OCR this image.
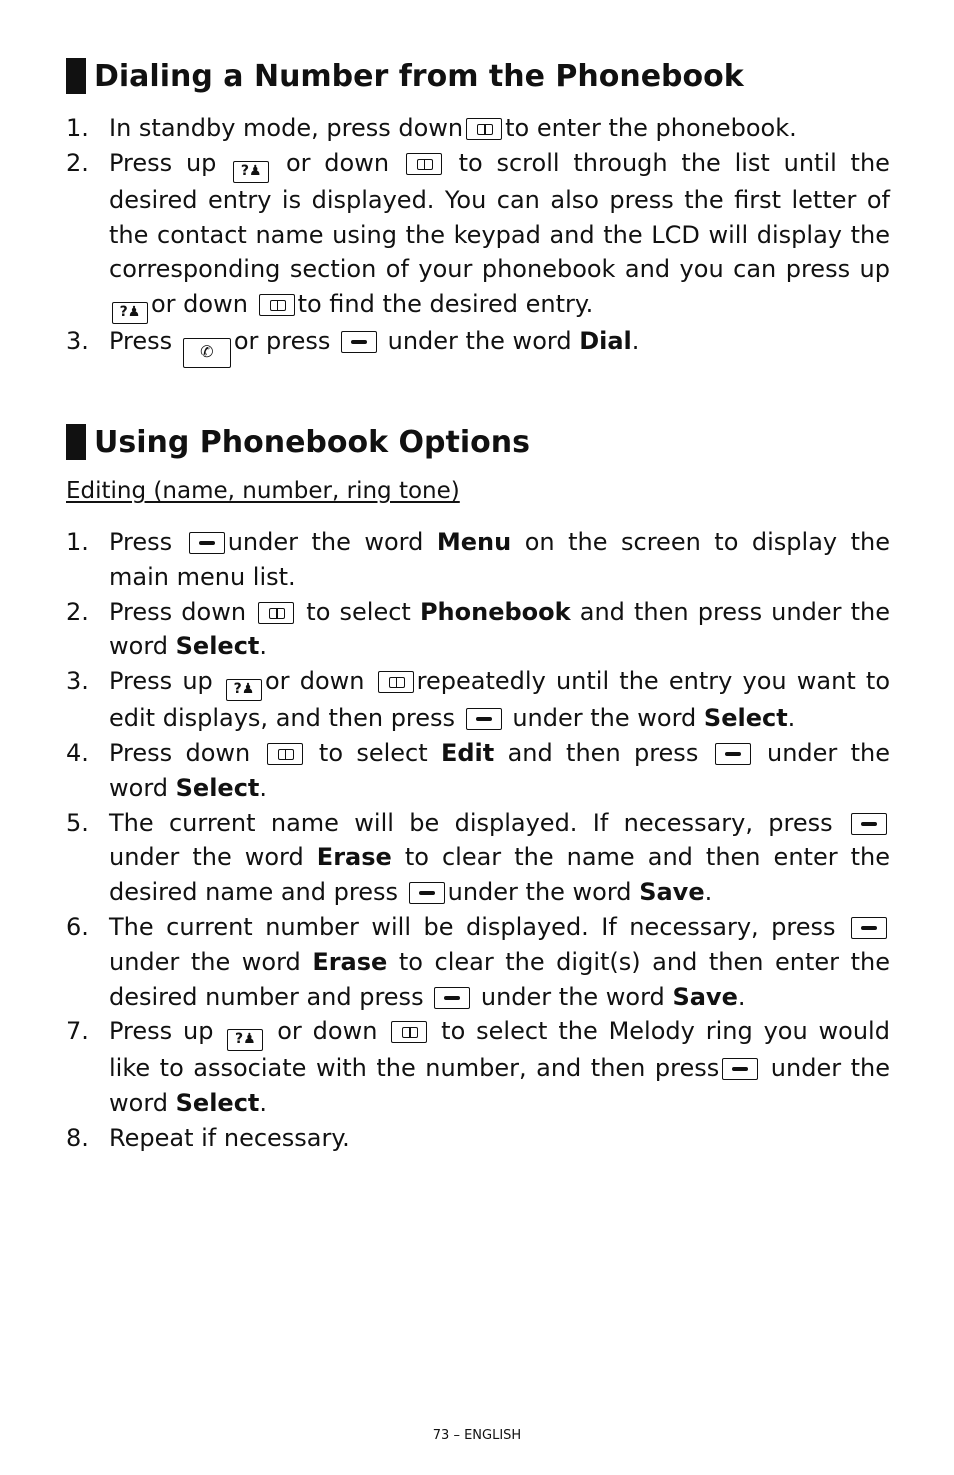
Dialing a Number from the Phonebook
1. In standby mode, press down to enter the phonebook.
2. Press up ?♟ or down	to scroll through the list until the desired entry is displayed. You can also press the first letter of the contact name using the keypad and the LCD will display the corresponding section of your phonebook and you can press up ?♟ or down to find the desired entry.
3. Press ✆ or press under the word Dial.
Using Phonebook Options
Editing (name, number, ring tone)
1. Press under the word Menu on the screen to display the main menu list.
2. Press down	to select Phonebook and then press under the word Select.
3. Press up ?♟ or down repeatedly until the entry you want to edit displays, and then press under the word Select.
4. Press down	to select Edit and then press	under the word Select.
5. The current name will be displayed. If necessary, press  under the word Erase to clear the name and then enter the desired name and press under the word Save.
6. The current number will be displayed. If necessary, press under the word Erase to clear the digit(s) and then enter the desired number and press under the word Save.
7. Press up ?♟ or down	to select the Melody ring you would like to associate with the number, and then press under the word Select.
8. Repeat if necessary.
73 – ENGLISH
